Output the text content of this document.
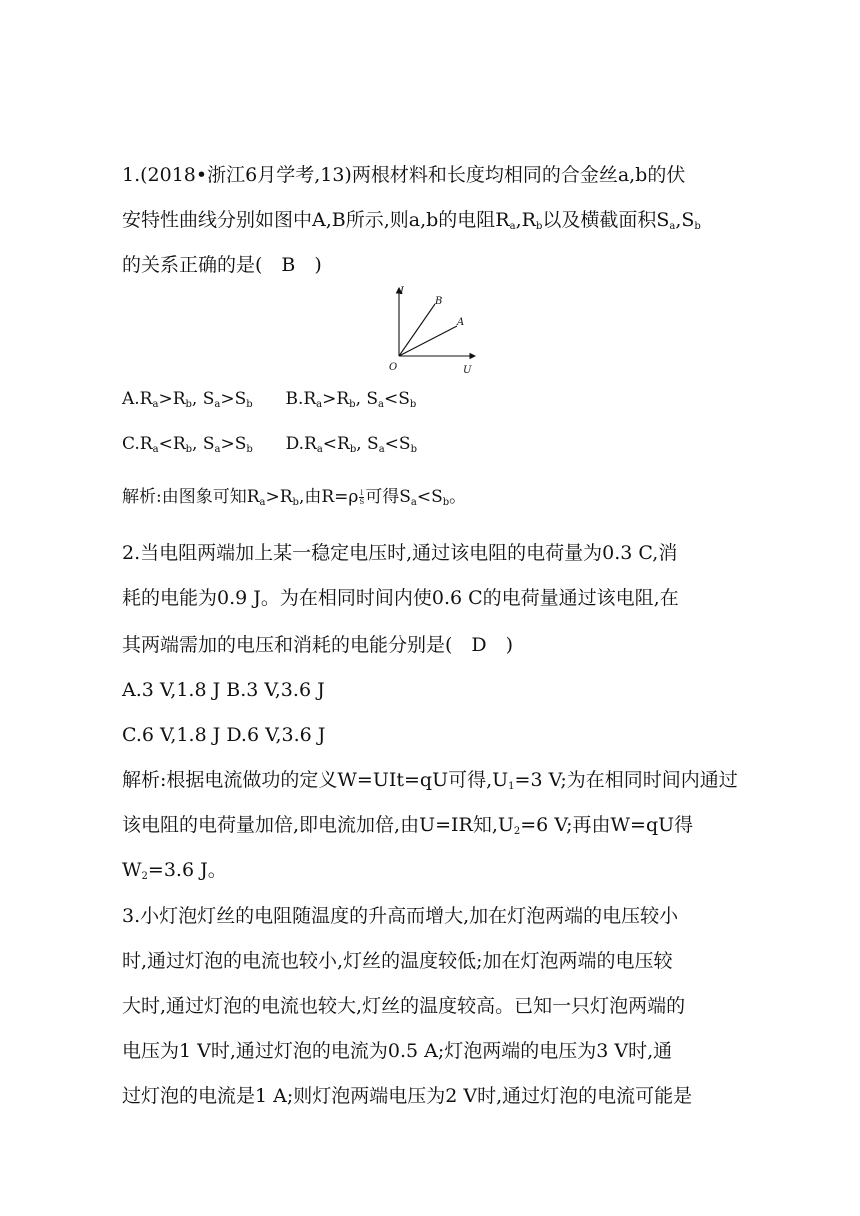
1.(2018•浙江6月学考,13)两根材料和长度均相同的合金丝a,b的伏
安特性曲线分别如图中A,B所示,则a,b的电阻$R_a,R_b$以及横截面积$S_a,S_b$
的关系正确的是(　B　)
I
U
O
B
A
$A.R_a>R_b$, $S_a>S_b$ $B.R_a>R_b$, $S_a<S_b$
$C.R_a<R_b$, $S_a>S_b$ $D.R_a<R_b$, $S_a<S_b$
解析:由图象可知$R_a>R_b$,由$R=\rho \frac{l}{S}$ 可得$S_a<S_b$。
2.当电阻两端加上某一稳定电压时,通过该电阻的电荷量为0.3 C,消
耗的电能为0.9 J。为在相同时间内使0.6 C的电荷量通过该电阻,在
其两端需加的电压和消耗的电能分别是(　D　)
A.3 V,1.8 J B.3 V,3.6 J
C.6 V,1.8 J D.6 V,3.6 J
解析:根据电流做功的定义W=UIt=qU可得$,U_1=3$ V;为在相同时间内通过
该电阻的电荷量加倍,即电流加倍,由U=IR知$,U_2=6$ V;再由W=qU得
$W_2=3.6$ J。
3.小灯泡灯丝的电阻随温度的升高而增大,加在灯泡两端的电压较小
时,通过灯泡的电流也较小,灯丝的温度较低;加在灯泡两端的电压较
大时,通过灯泡的电流也较大,灯丝的温度较高。已知一只灯泡两端的
电压为1 V时,通过灯泡的电流为0.5 A;灯泡两端的电压为3 V时,通
过灯泡的电流是1 A;则灯泡两端电压为2 V时,通过灯泡的电流可能是
